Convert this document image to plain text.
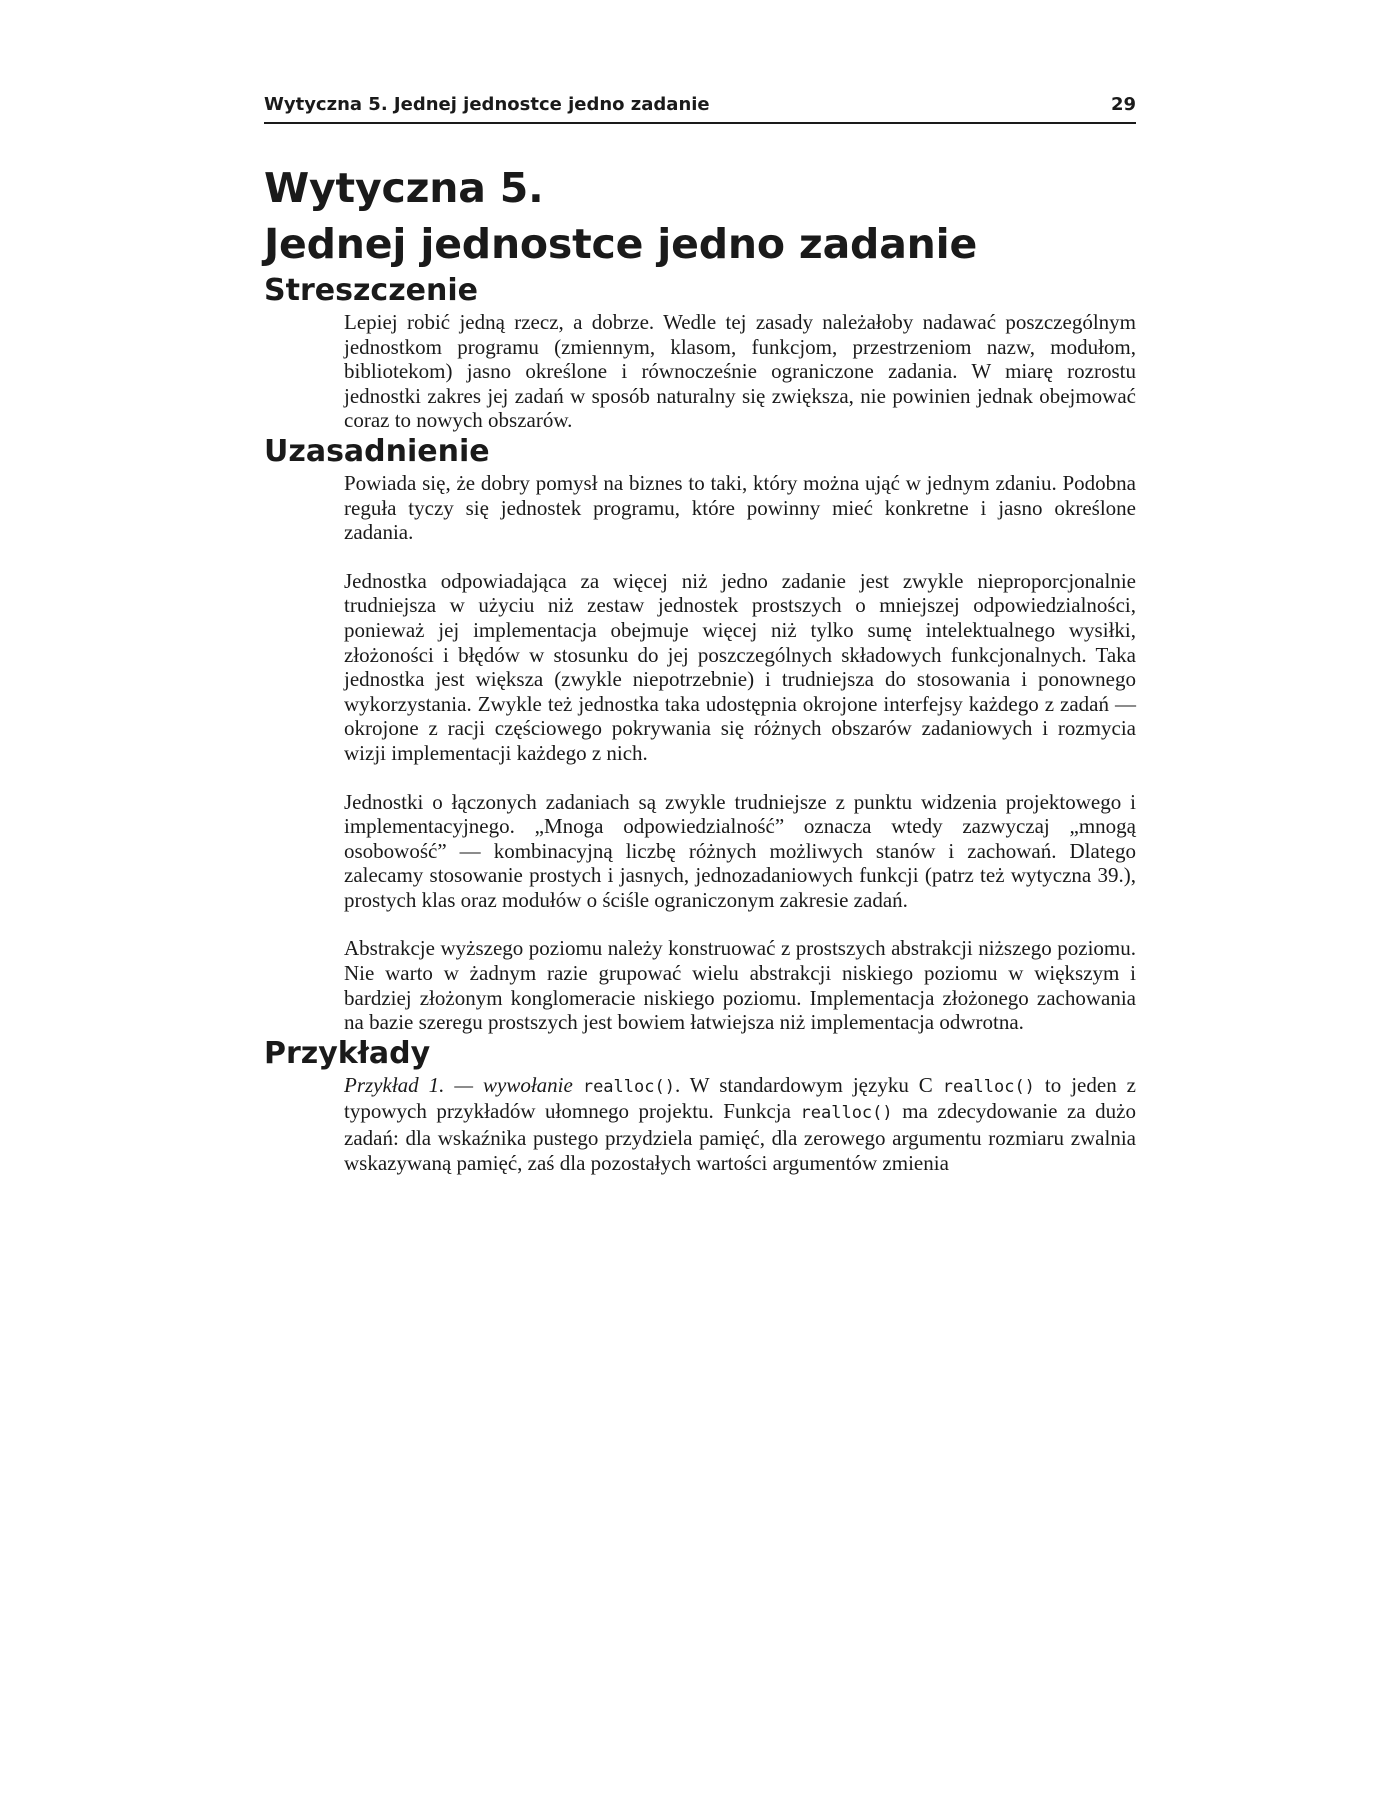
Wytyczna 5. Jednej jednostce jedno zadanie	29
Wytyczna 5.
Jednej jednostce jedno zadanie
Streszczenie

Lepiej robić jedną rzecz, a dobrze. Wedle tej zasady należałoby nadawać poszczególnym jednostkom programu (zmiennym, klasom, funkcjom, przestrzeniom nazw, modułom, bibliotekom) jasno określone i równocześnie ograniczone zadania. W miarę rozrostu jednostki zakres jej zadań w sposób naturalny się zwiększa, nie powinien jednak obejmować coraz to nowych obszarów.

Uzasadnienie

Powiada się, że dobry pomysł na biznes to taki, który można ująć w jednym zdaniu. Podobna reguła tyczy się jednostek programu, które powinny mieć konkretne i jasno określone zadania.

Jednostka odpowiadająca za więcej niż jedno zadanie jest zwykle nieproporcjonalnie trudniejsza w użyciu niż zestaw jednostek prostszych o mniejszej odpowiedzialności, ponieważ jej implementacja obejmuje więcej niż tylko sumę intelektualnego wysiłki, złożoności i błędów w stosunku do jej poszczególnych składowych funkcjonalnych. Taka jednostka jest większa (zwykle niepotrzebnie) i trudniejsza do stosowania i ponownego wykorzystania. Zwykle też jednostka taka udostępnia okrojone interfejsy każdego z zadań — okrojone z racji częściowego pokrywania się różnych obszarów zadaniowych i rozmycia wizji implementacji każdego z nich.

Jednostki o łączonych zadaniach są zwykle trudniejsze z punktu widzenia projektowego i implementacyjnego. „Mnoga odpowiedzialność” oznacza wtedy zazwyczaj „mnogą osobowość” — kombinacyjną liczbę różnych możliwych stanów i zachowań. Dlatego zalecamy stosowanie prostych i jasnych, jednozadaniowych funkcji (patrz też wytyczna 39.), prostych klas oraz modułów o ściśle ograniczonym zakresie zadań.

Abstrakcje wyższego poziomu należy konstruować z prostszych abstrakcji niższego poziomu. Nie warto w żadnym razie grupować wielu abstrakcji niskiego poziomu w większym i bardziej złożonym konglomeracie niskiego poziomu. Implementacja złożonego zachowania na bazie szeregu prostszych jest bowiem łatwiejsza niż implementacja odwrotna.

Przykłady

Przykład 1. — wywołanie realloc(). W standardowym języku C realloc() to jeden z typowych przykładów ułomnego projektu. Funkcja realloc() ma zdecydowanie za dużo zadań: dla wskaźnika pustego przydziela pamięć, dla zerowego argumentu rozmiaru zwalnia wskazywaną pamięć, zaś dla pozostałych wartości argumentów zmienia
